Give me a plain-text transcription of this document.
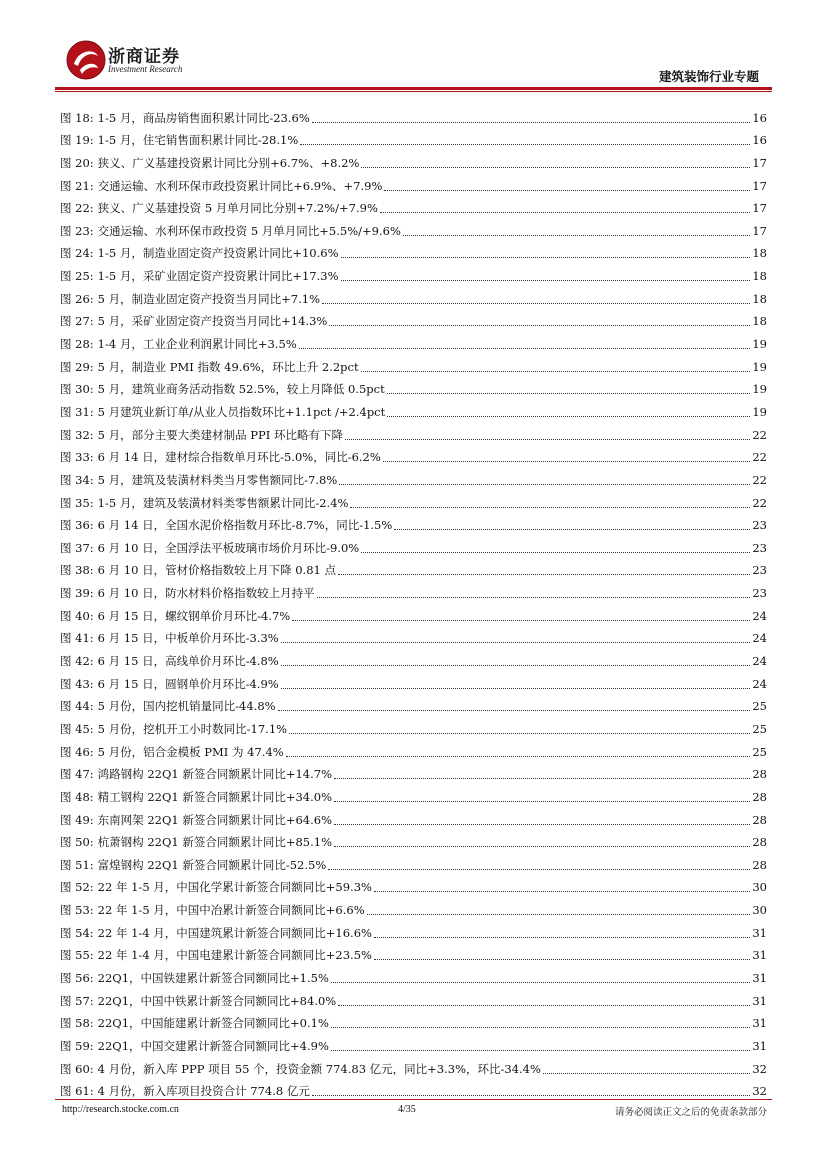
浙商证券
Investment Research	建筑装饰行业专题
图 18: 1-5 月，商品房销售面积累计同比-23.6%	16
图 19: 1-5 月，住宅销售面积累计同比-28.1%	16
图 20: 狭义、广义基建投资累计同比分别+6.7%、+8.2%	17
图 21: 交通运输、水利环保市政投资累计同比+6.9%、+7.9%	17
图 22: 狭义、广义基建投资 5 月单月同比分别+7.2%/+7.9%	17
图 23: 交通运输、水利环保市政投资 5 月单月同比+5.5%/+9.6%	17
图 24: 1-5 月，制造业固定资产投资累计同比+10.6%	18
图 25: 1-5 月，采矿业固定资产投资累计同比+17.3%	18
图 26: 5 月，制造业固定资产投资当月同比+7.1%	18
图 27: 5 月，采矿业固定资产投资当月同比+14.3%	18
图 28: 1-4 月，工业企业利润累计同比+3.5%	19
图 29: 5 月，制造业 PMI 指数 49.6%，环比上升 2.2pct	19
图 30: 5 月，建筑业商务活动指数 52.5%，较上月降低 0.5pct	19
图 31: 5 月建筑业新订单/从业人员指数环比+1.1pct /+2.4pct	19
图 32: 5 月，部分主要大类建材制品 PPI 环比略有下降	22
图 33: 6 月 14 日，建材综合指数单月环比-5.0%，同比-6.2%	22
图 34: 5 月，建筑及装潢材料类当月零售额同比-7.8%	22
图 35: 1-5 月，建筑及装潢材料类零售额累计同比-2.4%	22
图 36: 6 月 14 日，全国水泥价格指数月环比-8.7%，同比-1.5%	23
图 37: 6 月 10 日，全国浮法平板玻璃市场价月环比-9.0%	23
图 38: 6 月 10 日，管材价格指数较上月下降 0.81 点	23
图 39: 6 月 10 日，防水材料价格指数较上月持平	23
图 40: 6 月 15 日，螺纹钢单价月环比-4.7%	24
图 41: 6 月 15 日，中板单价月环比-3.3%	24
图 42: 6 月 15 日，高线单价月环比-4.8%	24
图 43: 6 月 15 日，圆钢单价月环比-4.9%	24
图 44: 5 月份，国内挖机销量同比-44.8%	25
图 45: 5 月份，挖机开工小时数同比-17.1%	25
图 46: 5 月份，铝合金模板 PMI 为 47.4%	25
图 47: 鸿路钢构 22Q1 新签合同额累计同比+14.7%	28
图 48: 精工钢构 22Q1 新签合同额累计同比+34.0%	28
图 49: 东南网架 22Q1 新签合同额累计同比+64.6%	28
图 50: 杭萧钢构 22Q1 新签合同额累计同比+85.1%	28
图 51: 富煌钢构 22Q1 新签合同额累计同比-52.5%	28
图 52: 22 年 1-5 月，中国化学累计新签合同额同比+59.3%	30
图 53: 22 年 1-5 月，中国中冶累计新签合同额同比+6.6%	30
图 54: 22 年 1-4 月，中国建筑累计新签合同额同比+16.6%	31
图 55: 22 年 1-4 月，中国电建累计新签合同额同比+23.5%	31
图 56: 22Q1，中国铁建累计新签合同额同比+1.5%	31
图 57: 22Q1，中国中铁累计新签合同额同比+84.0%	31
图 58: 22Q1，中国能建累计新签合同额同比+0.1%	31
图 59: 22Q1，中国交建累计新签合同额同比+4.9%	31
图 60: 4 月份，新入库 PPP 项目 55 个，投资金额 774.83 亿元，同比+3.3%，环比-34.4%	32
图 61: 4 月份，新入库项目投资合计 774.8 亿元	32
http://research.stocke.com.cn	4/35	请务必阅读正文之后的免责条款部分
